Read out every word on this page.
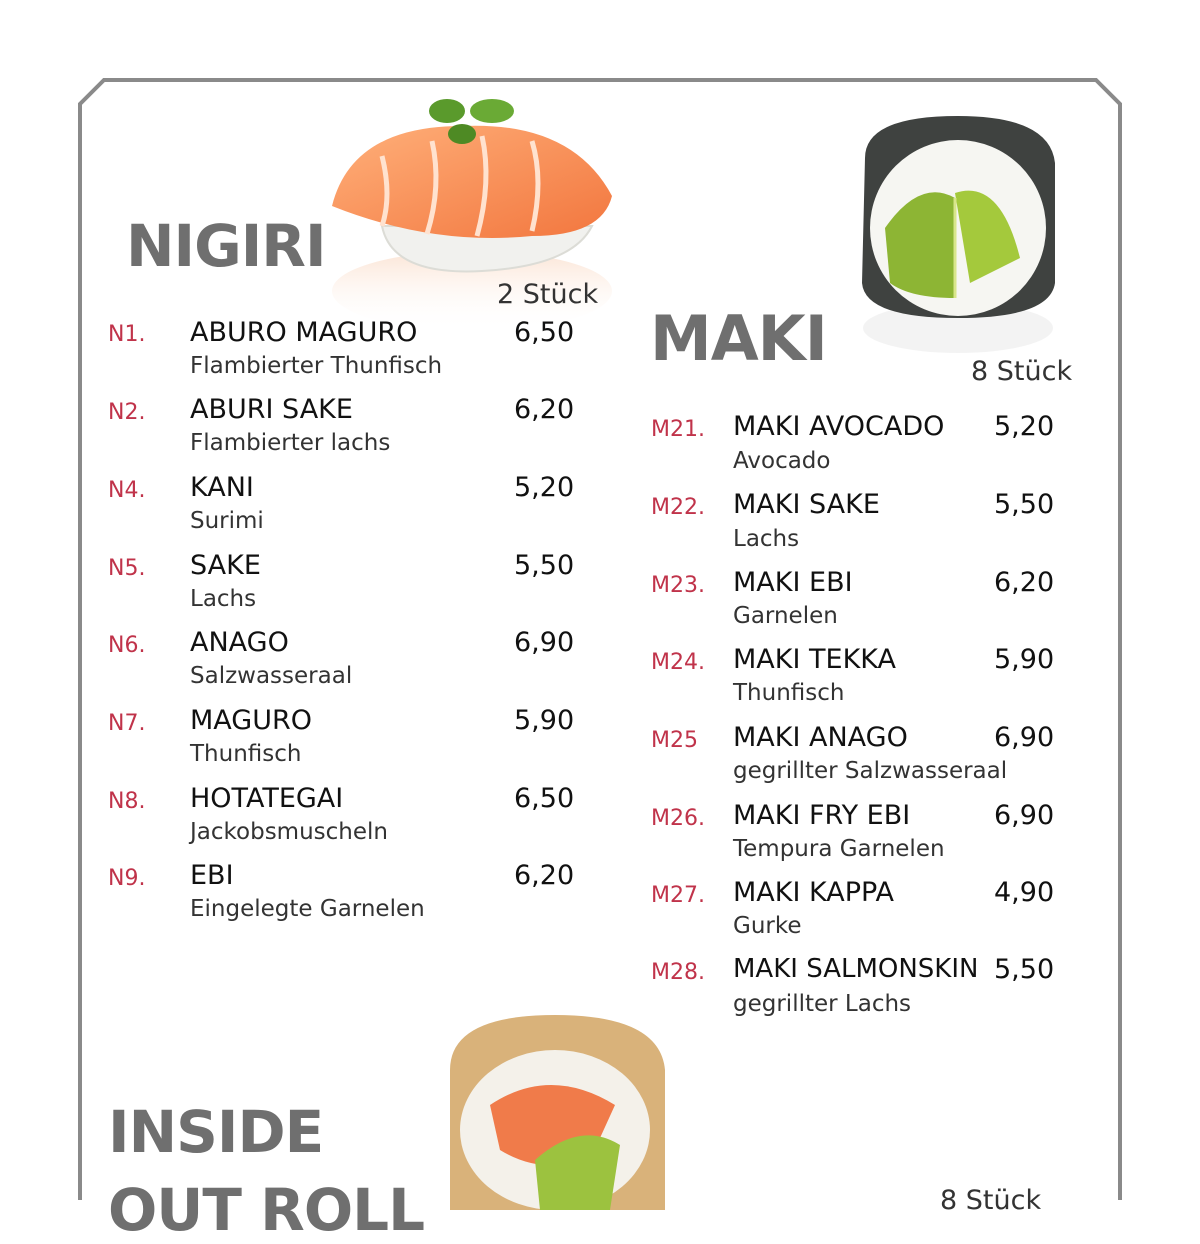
NIGIRI
2 Stück
N1. ABURO MAGURO
Flambierter Thunfisch
6,50
N2. ABURI SAKE
Flambierter lachs
6,20
N4. KANI
Surimi
5,20
N5. SAKE
Lachs
5,50
N6. ANAGO
Salzwasseraal
6,90
N7. MAGURO
Thunfisch
5,90
N8. HOTATEGAI
Jackobsmuscheln
6,50
N9. EBI
Eingelegte Garnelen
6,20
MAKI	8 Stück
M21. MAKI AVOCADO
Avocado
5,20
M22. MAKI SAKE
Lachs
5,50
M23. MAKI EBI
Garnelen
6,20
M24. MAKI TEKKA
Thunfisch
5,90
M25 MAKI ANAGO
gegrillter Salzwasseraal
6,90
M26. MAKI FRY EBI
Tempura Garnelen
6,90
M27. MAKI KAPPA
Gurke
4,90
M28. MAKI SALMONSKIN
gegrillter Lachs
5,50
INSIDE
OUT ROLL	8 Stück
